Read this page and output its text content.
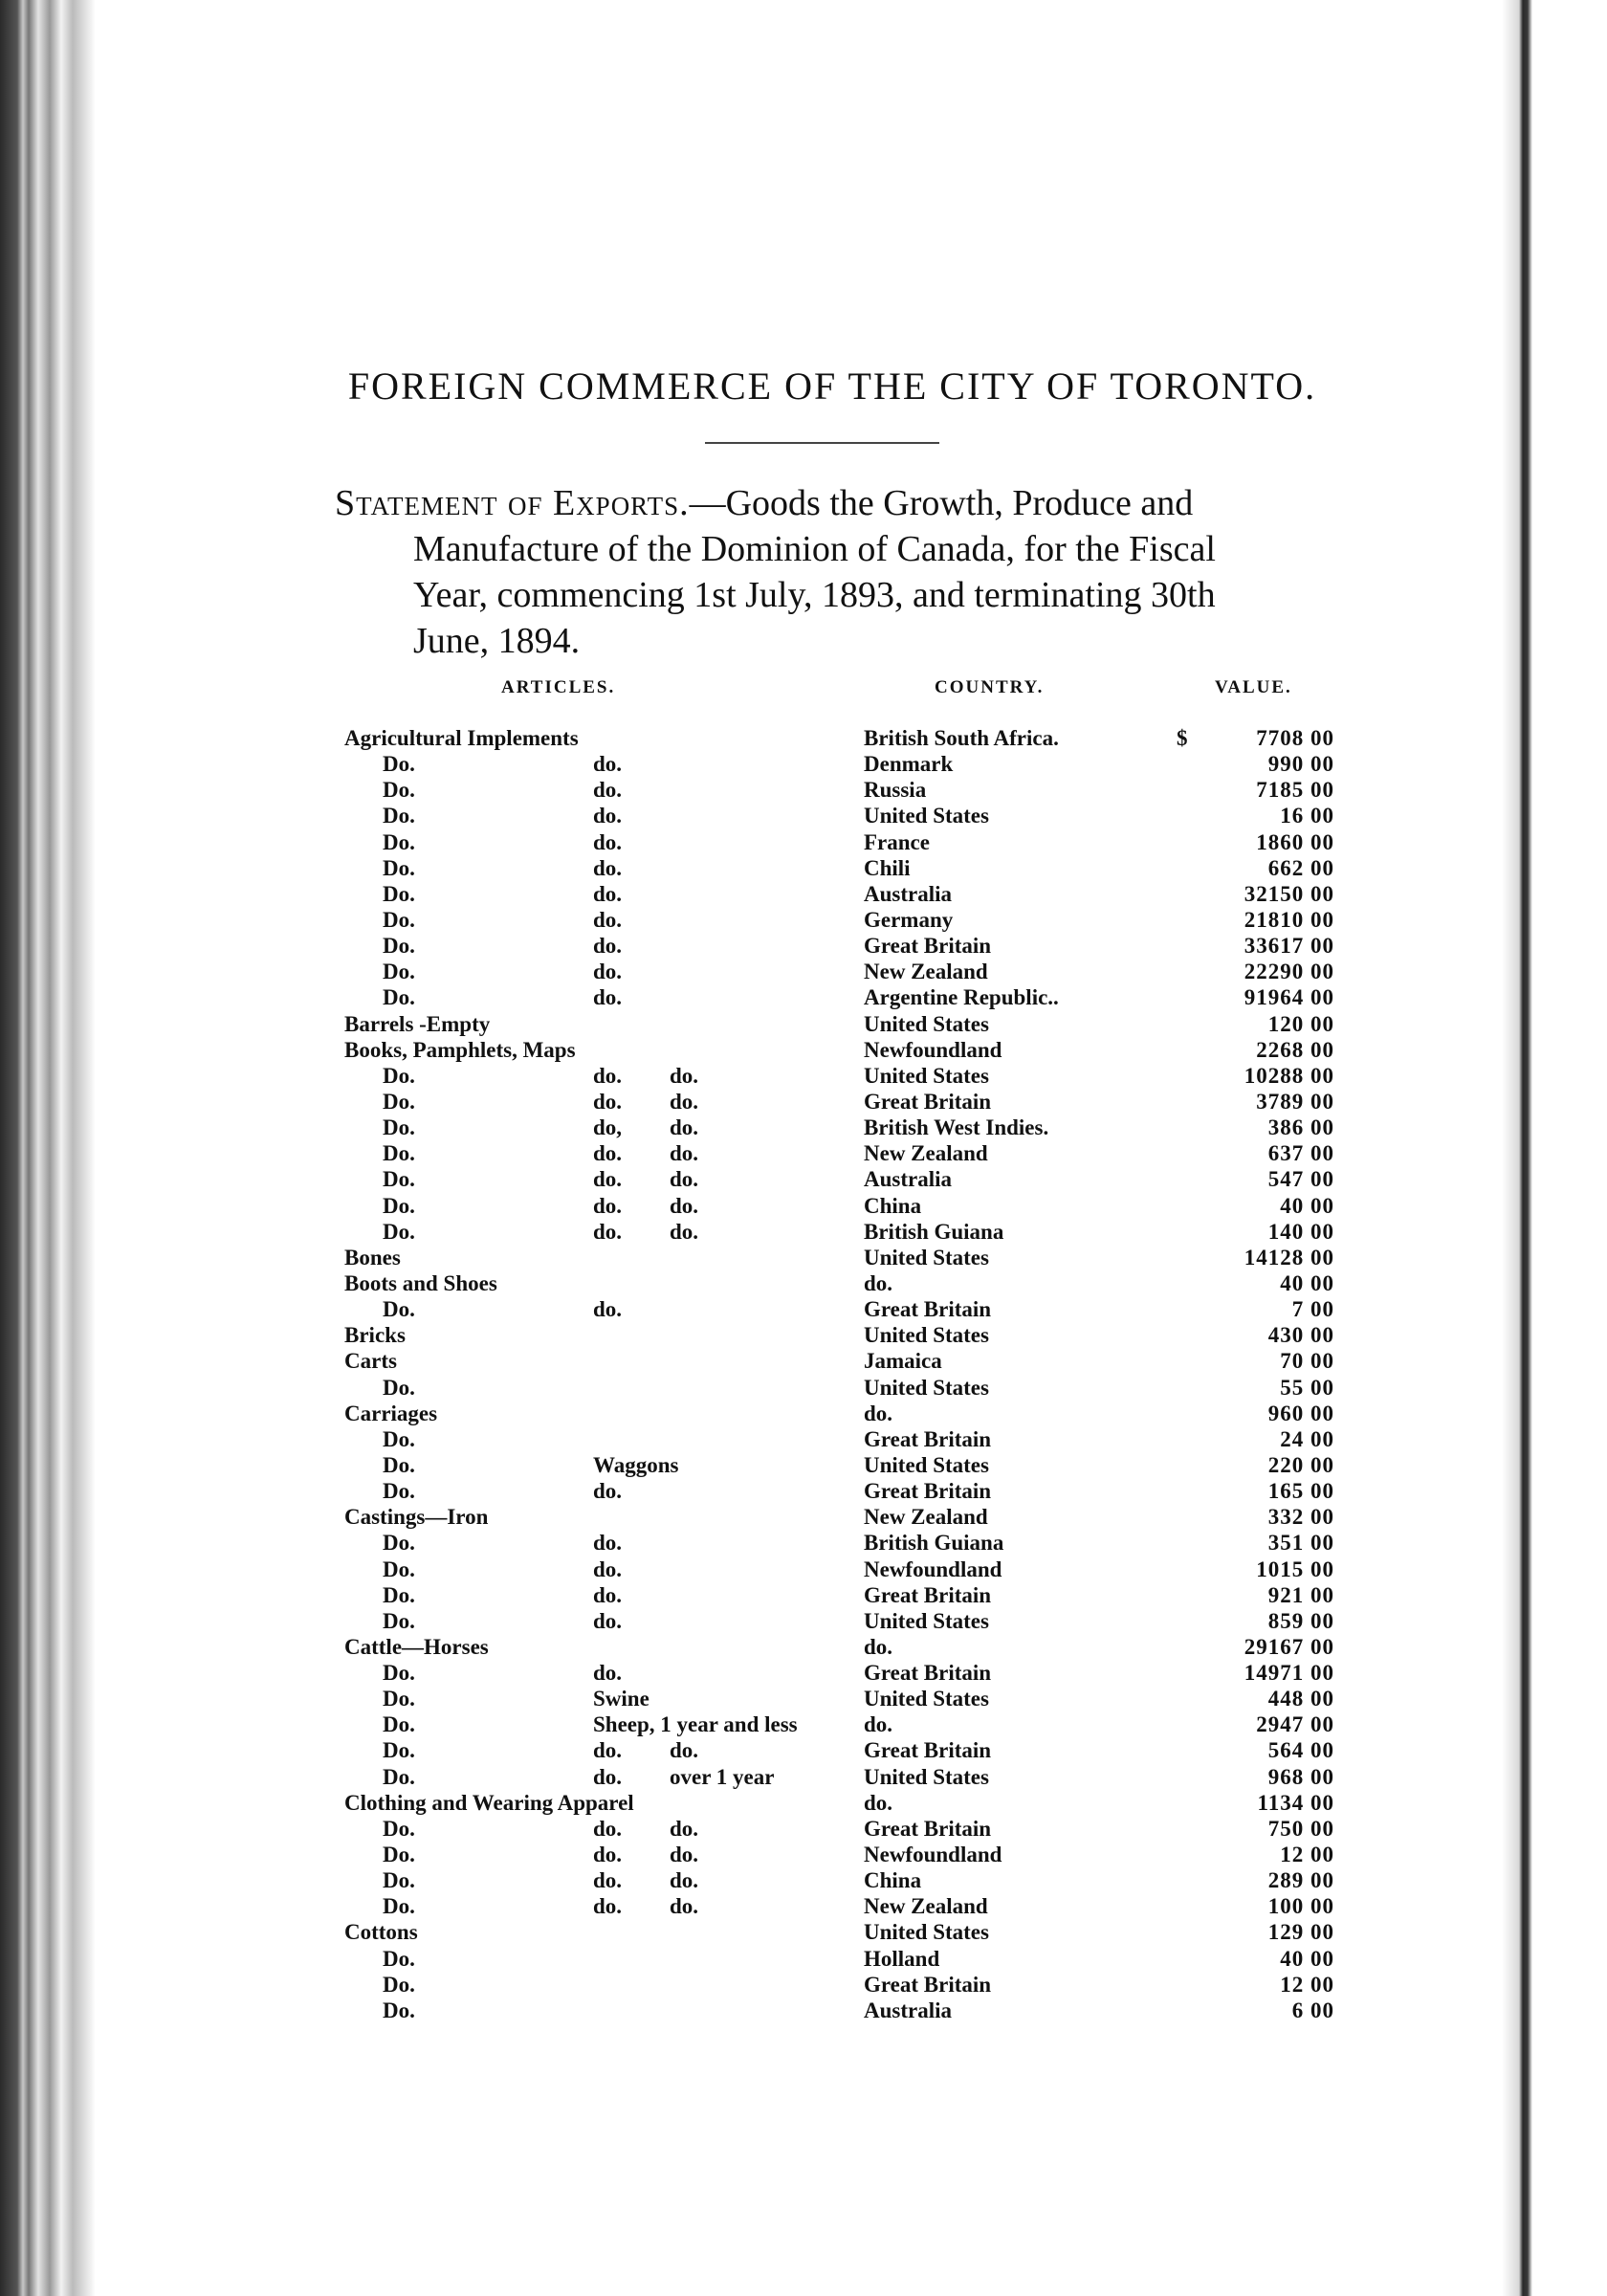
FOREIGN COMMERCE OF THE CITY OF TORONTO.
Statement of Exports.—Goods the Growth, Produce and
Manufacture of the Dominion of Canada, for the Fiscal
Year, commencing 1st July, 1893, and terminating 30th
June, 1894.
ARTICLES.	COUNTRY.	VALUE.
Agricultural Implements	British South Africa.	$	7708 00
Do.	do.	Denmark	990 00
Do.	do.	Russia	7185 00
Do.	do.	United States	16 00
Do.	do.	France	1860 00
Do.	do.	Chili	662 00
Do.	do.	Australia	32150 00
Do.	do.	Germany	21810 00
Do.	do.	Great Britain	33617 00
Do.	do.	New Zealand	22290 00
Do.	do.	Argentine Republic..	91964 00
Barrels -Empty	United States	120 00
Books, Pamphlets, Maps	Newfoundland	2268 00
Do.	do. do.	United States	10288 00
Do.	do. do.	Great Britain	3789 00
Do.	do, do.	British West Indies.	386 00
Do.	do. do.	New Zealand	637 00
Do.	do. do.	Australia	547 00
Do.	do. do.	China	40 00
Do.	do. do.	British Guiana	140 00
Bones	United States	14128 00
Boots and Shoes	do.	40 00
Do.	do.	Great Britain	7 00
Bricks	United States	430 00
Carts	Jamaica	70 00
Do.	United States	55 00
Carriages	do.	960 00
Do.	Great Britain	24 00
Do.	Waggons	United States	220 00
Do.	do.	Great Britain	165 00
Castings—Iron	New Zealand	332 00
Do.	do.	British Guiana	351 00
Do.	do.	Newfoundland	1015 00
Do.	do.	Great Britain	921 00
Do.	do.	United States	859 00
Cattle—Horses	do.	29167 00
Do.	do.	Great Britain	14971 00
Do.	Swine	United States	448 00
Do.	Sheep, 1 year and less	do.	2947 00
Do.	do. do.	Great Britain	564 00
Do.	do. over 1 year	United States	968 00
Clothing and Wearing Apparel	do.	1134 00
Do.	do. do.	Great Britain	750 00
Do.	do. do.	Newfoundland	12 00
Do.	do. do.	China	289 00
Do.	do. do.	New Zealand	100 00
Cottons	United States	129 00
Do.	Holland	40 00
Do.	Great Britain	12 00
Do.	Australia	6 00
